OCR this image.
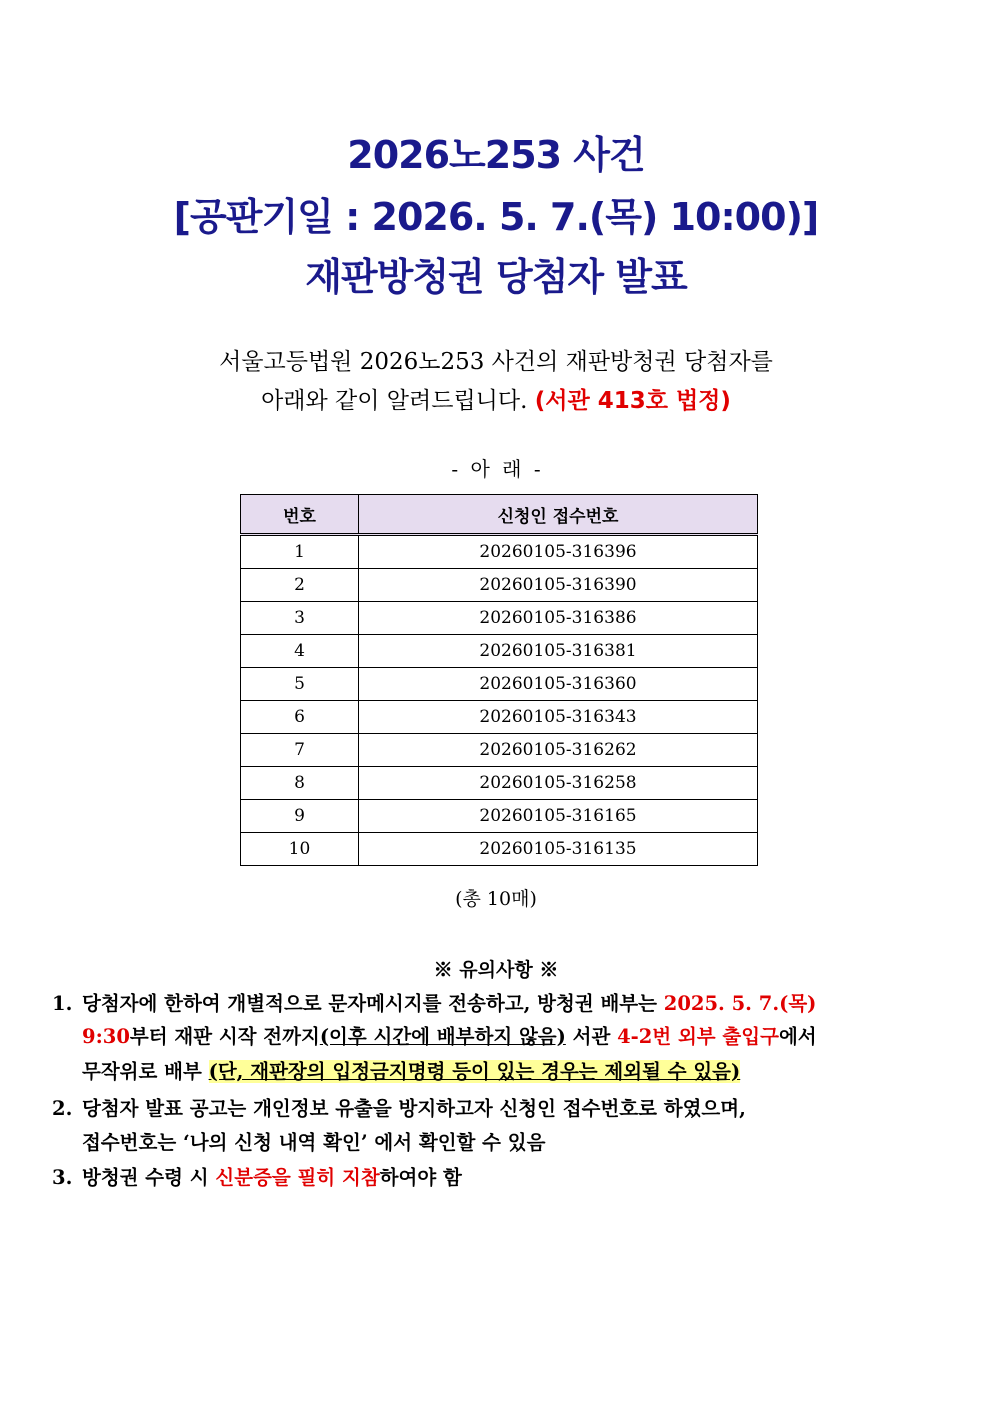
2026노253 사건
[공판기일 : 2026. 5. 7.(목) 10:00)]
재판방청권 당첨자 발표
서울고등법원 2026노253 사건의 재판방청권 당첨자를
아래와 같이 알려드립니다. (서관 413호 법정)
- 아 래 -
번호	신청인 접수번호
1	20260105-316396
2	20260105-316390
3	20260105-316386
4	20260105-316381
5	20260105-316360
6	20260105-316343
7	20260105-316262
8	20260105-316258
9	20260105-316165
10	20260105-316135
(총 10매)
※ 유의사항 ※
1. 당첨자에 한하여 개별적으로 문자메시지를 전송하고, 방청권 배부는 2025. 5. 7.(목)
9:30부터 재판 시작 전까지(이후 시간에 배부하지 않음) 서관 4-2번 외부 출입구에서
무작위로 배부 (단, 재판장의 입정금지명령 등이 있는 경우는 제외될 수 있음)
2. 당첨자 발표 공고는 개인정보 유출을 방지하고자 신청인 접수번호로 하였으며,
접수번호는 ‘나의 신청 내역 확인’ 에서 확인할 수 있음
3. 방청권 수령 시 신분증을 필히 지참하여야 함
